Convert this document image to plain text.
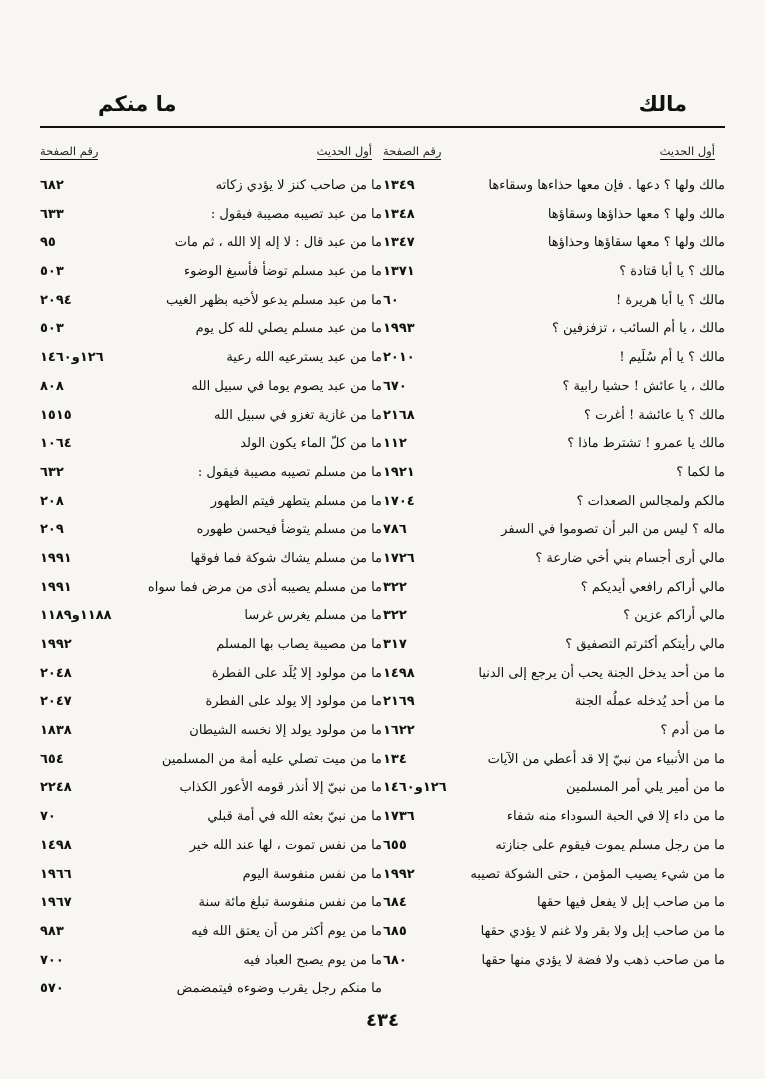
مالك
ما منكم
أول الحديث
رقم الصفحة
١٣٤٩	مالك ولها ؟ دعها . فإن معها حذاءها وسقاءها
١٣٤٨	مالك ولها ؟ معها حذاؤها وسقاؤها
١٣٤٧	مالك ولها ؟ معها سقاؤها وحذاؤها
١٣٧١	مالك ؟ يا أبا قتادة ؟
٦٠	مالك ؟ يا أبا هريرة !
١٩٩٣	مالك ، يا أم السائب ، تزفزفين ؟
٢٠١٠	مالك ؟ يا أم سُلَيم !
٦٧٠	مالك ، يا عائش ! حشيا رابية ؟
٢١٦٨	مالك ؟ يا عائشة ! أغرت ؟
١١٢	مالك يا عمرو ! تشترط ماذا ؟
١٩٢١	ما لكما ؟
١٧٠٤	مالكم ولمجالس الصعدات ؟
٧٨٦	ماله ؟ ليس من البر أن تصوموا في السفر
١٧٢٦	مالي أرى أجسام بني أخي ضارعة ؟
٣٢٢	مالي أراكم رافعي أيديكم ؟
٣٢٢	مالي أراكم عزين ؟
٣١٧	مالي رأيتكم أكثرتم التصفيق ؟
١٤٩٨	ما من أحد يدخل الجنة يحب أن يرجع إلى الدنيا
٢١٦٩	ما من أحد يُدخله عملُه الجنة
١٦٢٢	ما من أدم ؟
١٣٤	ما من الأنبياء من نبيّ إلا قد أعطي من الآيات
١٢٦و١٤٦٠	ما من أمير يلي أمر المسلمين
١٧٣٦	ما من داء إلا في الحبة السوداء منه شفاء
٦٥٥	ما من رجل مسلم يموت فيقوم على جنازته
١٩٩٢	ما من شيء يصيب المؤمن ، حتى الشوكة تصيبه
٦٨٤	ما من صاحب إبل لا يفعل فيها حقها
٦٨٥	ما من صاحب إبل ولا بقر ولا غنم لا يؤدي حقها
٦٨٠	ما من صاحب ذهب ولا فضة لا يؤدي منها حقها
أول الحديث
رقم الصفحة
٦٨٢	ما من صاحب كنز لا يؤدي زكاته
٦٣٣	ما من عبد تصيبه مصيبة فيقول :
٩٥	ما من عبد قال : لا إله إلا الله ، ثم مات
٥٠٣	ما من عبد مسلم توضأ فأسبغ الوضوء
٢٠٩٤	ما من عبد مسلم يدعو لأخيه بظهر الغيب
٥٠٣	ما من عبد مسلم يصلي لله كل يوم
١٢٦و١٤٦٠	ما من عبد يسترعيه الله رعية
٨٠٨	ما من عبد يصوم يوما في سبيل الله
١٥١٥	ما من غازية تغزو في سبيل الله
١٠٦٤	ما من كلّ الماء يكون الولد
٦٣٢	ما من مسلم تصيبه مصيبة فيقول :
٢٠٨	ما من مسلم يتطهر فيتم الطهور
٢٠٩	ما من مسلم يتوضأ فيحسن طهوره
١٩٩١	ما من مسلم يشاك شوكة فما فوقها
١٩٩١	ما من مسلم يصيبه أذى من مرض فما سواه
١١٨٨و١١٨٩	ما من مسلم يغرس غرسا
١٩٩٢	ما من مصيبة يصاب بها المسلم
٢٠٤٨	ما من مولود إلا يُلَد على الفطرة
٢٠٤٧	ما من مولود إلا يولد على الفطرة
١٨٣٨	ما من مولود يولد إلا نخسه الشيطان
٦٥٤	ما من ميت تصلي عليه أمة من المسلمين
٢٢٤٨	ما من نبيّ إلا أنذر قومه الأعور الكذاب
٧٠	ما من نبيّ بعثه الله في أمة قبلي
١٤٩٨	ما من نفس تموت ، لها عند الله خير
١٩٦٦	ما من نفس منفوسة اليوم
١٩٦٧	ما من نفس منفوسة تبلغ مائة سنة
٩٨٣	ما من يوم أكثر من أن يعتق الله فيه
٧٠٠	ما من يوم يصبح العباد فيه
٥٧٠	ما منكم رجل يقرب وضوءه فيتمضمض
٤٣٤
